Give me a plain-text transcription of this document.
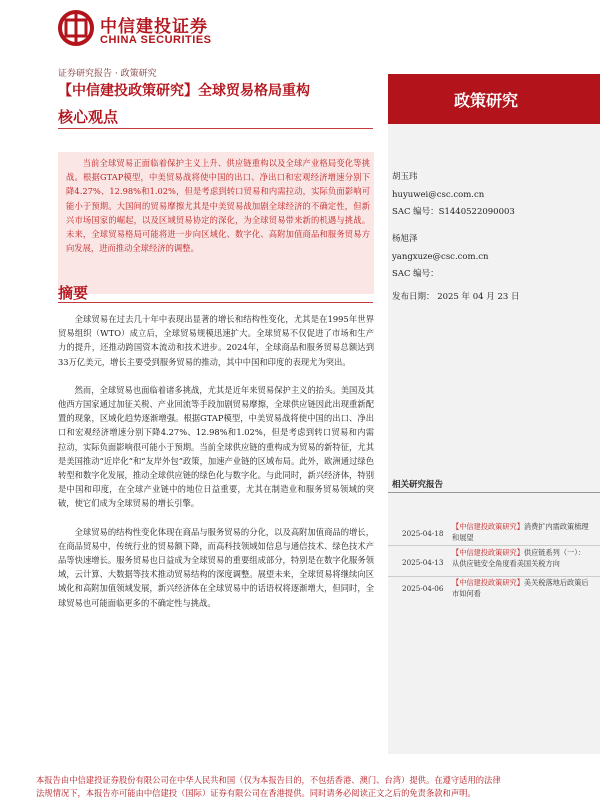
中信建投证券
CHINA SECURITIES
证券研究报告 · 政策研究
【中信建投政策研究】全球贸易格局重构	政策研究
核心观点

当前全球贸易正面临着保护主义上升、供应链重构以及全球产业格局变化等挑战。根据GTAP模型，中美贸易战将使中国的出口、净出口和宏观经济增速分别下降4.27%、12.98%和1.02%，但是考虑到转口贸易和内需拉动，实际负面影响可能小于预期。大国间的贸易摩擦尤其是中美贸易战加剧全球经济的不确定性，但新兴市场国家的崛起，以及区域贸易协定的深化，为全球贸易带来新的机遇与挑战。未来，全球贸易格局可能将进一步向区域化、数字化、高附加值商品和服务贸易方向发展，进而推动全球经济的调整。

摘要

全球贸易在过去几十年中表现出显著的增长和结构性变化，尤其是在1995年世界贸易组织（WTO）成立后，全球贸易规模迅速扩大。全球贸易不仅促进了市场和生产力的提升，还推动跨国资本流动和技术进步。2024年，全球商品和服务贸易总额达到33万亿美元，增长主要受到服务贸易的推动，其中中国和印度的表现尤为突出。

然而，全球贸易也面临着诸多挑战，尤其是近年来贸易保护主义的抬头。美国及其他西方国家通过加征关税、产业回流等手段加剧贸易摩擦，全球供应链因此出现重新配置的现象，区域化趋势逐渐增强。根据GTAP模型，中美贸易战将使中国的出口、净出口和宏观经济增速分别下降4.27%、12.98%和1.02%，但是考虑到转口贸易和内需拉动，实际负面影响很可能小于预期。当前全球供应链的重构成为贸易的新特征，尤其是美国推动“近岸化”和“友岸外包”政策，加速产业链的区域布局。此外，欧洲通过绿色转型和数字化发展，推动全球供应链的绿色化与数字化。与此同时，新兴经济体，特别是中国和印度，在全球产业链中的地位日益重要，尤其在制造业和服务贸易领域的突破，使它们成为全球贸易的增长引擎。

全球贸易的结构性变化体现在商品与服务贸易的分化，以及高附加值商品的增长，在商品贸易中，传统行业的贸易额下降，而高科技领域如信息与通信技术、绿色技术产品等快速增长。服务贸易也日益成为全球贸易的重要组成部分，特别是在数字化服务领域，云计算、大数据等技术推动贸易结构的深度调整。展望未来，全球贸易将继续向区域化和高附加值领域发展，新兴经济体在全球贸易中的话语权将逐渐增大，但同时，全球贸易也可能面临更多的不确定性与挑战。

胡玉玮
huyuwei@csc.com.cn
SAC 编号：S1440522090003
杨旭泽
yangxuze@csc.com.cn
SAC 编号：
发布日期： 2025 年 04 月 23 日
相关研究报告
2025-04-18
【中信建投政策研究】消费扩内需政策梳理和展望
2025-04-13
【中信建投政策研究】供应链系列（一）：从供应链安全角度看美国关税方向
2025-04-06
【中信建投政策研究】美关税落地后政策后市如何看
本报告由中信建投证券股份有限公司在中华人民共和国（仅为本报告目的，不包括香港、澳门、台湾）提供。在遵守适用的法律
法规情况下，本报告亦可能由中信建投（国际）证券有限公司在香港提供。同时请务必阅读正文之后的免责条款和声明。
